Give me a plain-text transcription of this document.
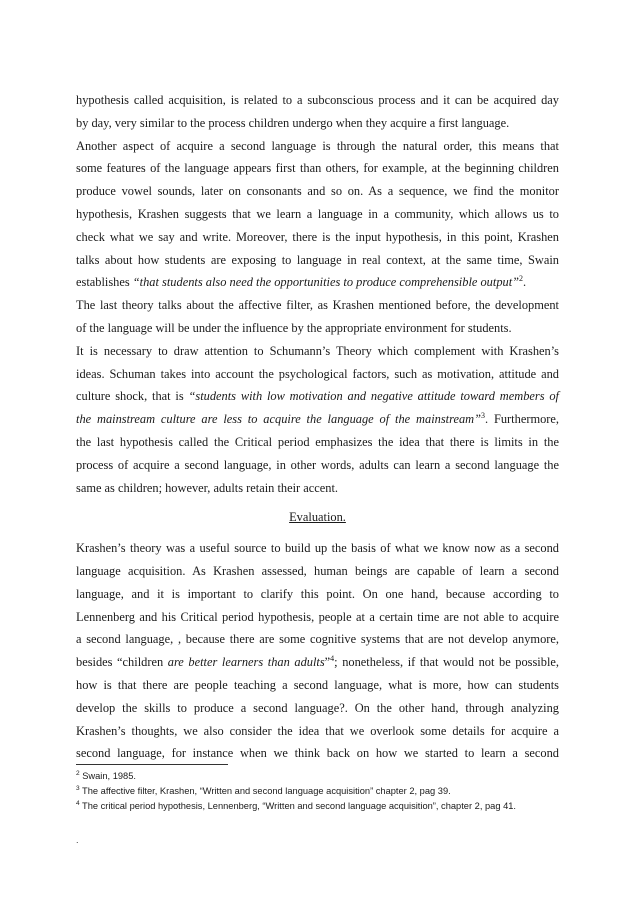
hypothesis called acquisition, is related to a subconscious process and it can be acquired day
by day, very similar to the process children undergo when they acquire a first language.
Another aspect of acquire a second language is through the natural order, this means that
some features of the language appears first than others, for example, at the beginning children
produce vowel sounds, later on consonants and so on. As a sequence, we find the monitor
hypothesis, Krashen suggests that we learn a language in a community, which allows us to
check what we say and write. Moreover, there is the input hypothesis, in this point, Krashen
talks about how students are exposing to language in real context, at the same time, Swain
establishes “that students also need the opportunities to produce comprehensible output”$^2$.
The last theory talks about the affective filter, as Krashen mentioned before, the development
of the language will be under the influence by the appropriate environment for students.
It is necessary to draw attention to Schumann’s Theory which complement with Krashen’s
ideas. Schuman takes into account the psychological factors, such as motivation, attitude and
culture shock, that is “students with low motivation and negative attitude toward members of
the mainstream culture are less to acquire the language of the mainstream”$^3$. Furthermore,
the last hypothesis called the Critical period emphasizes the idea that there is limits in the
process of acquire a second language, in other words, adults can learn a second language the
same as children; however, adults retain their accent.
Evaluation.
Krashen’s theory was a useful source to build up the basis of what we know now as a second
language acquisition. As Krashen assessed, human beings are capable of learn a second
language, and it is important to clarify this point. On one hand, because according to
Lennenberg and his Critical period hypothesis, people at a certain time are not able to acquire
a second language, , because there are some cognitive systems that are not develop anymore,
besides “children are better learners than adults”$^4$; nonetheless, if that would not be possible,
how is that there are people teaching a second language, what is more, how can students
develop the skills to produce a second language?. On the other hand, through analyzing
Krashen’s thoughts, we also consider the idea that we overlook some details for acquire a
second language, for instance when we think back on how we started to learn a second
$^2$ Swain, 1985.
$^3$ The affective filter, Krashen, “Written and second language acquisition” chapter 2, pag 39.
$^4$ The critical period hypothesis, Lennenberg, “Written and second language acquisition”, chapter 2, pag 41.
.
